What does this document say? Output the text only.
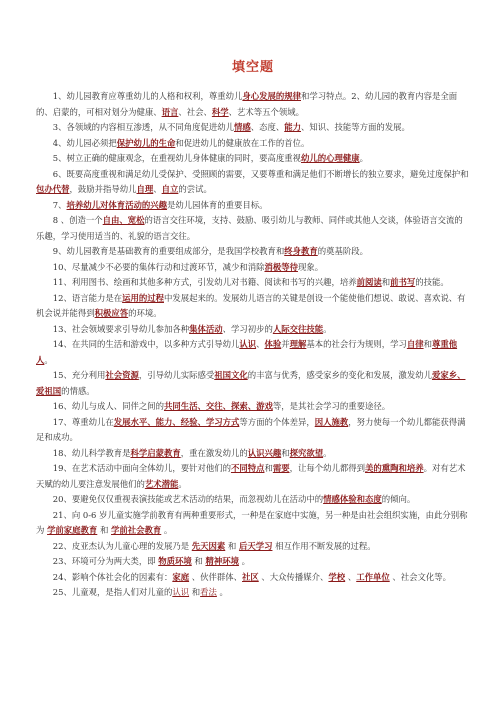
填空题

1、幼儿园教育应尊重幼儿的人格和权利，尊重幼儿身心发展的规律和学习特点。2、幼儿园的教育内容是全面的、启蒙的，可相对划分为健康、语言、社会、科学、艺术等五个领域。

3、各领域的内容相互渗透，从不同角度促进幼儿情感、态度、能力、知识、技能等方面的发展。

4、幼儿园必须把保护幼儿的生命和促进幼儿的健康放在工作的首位。

5、树立正确的健康观念，在重视幼儿身体健康的同时，要高度重视幼儿的心理健康。

6、既要高度重视和满足幼儿受保护、受照顾的需要，又要尊重和满足他们不断增长的独立要求，避免过度保护和包办代替，鼓励并指导幼儿自理、自立的尝试。

7、培养幼儿对体育活动的兴趣是幼儿园体育的重要目标。

8 、创造一个自由、宽松的语言交往环境，支持、鼓励、吸引幼儿与教师、同伴或其他人交谈，体验语言交流的乐趣，学习使用适当的、礼貌的语言交往。

9、幼儿园教育是基础教育的重要组成部分，是我国学校教育和终身教育的奠基阶段。

10、尽量减少不必要的集体行动和过渡环节，减少和消除消极等待现象。

11、利用图书、绘画和其他多种方式，引发幼儿对书籍、阅读和书写的兴趣，培养前阅读和前书写的技能。

12、语言能力是在运用的过程中发展起来的。发展幼儿语言的关键是创设一个能使他们想说、敢说、喜欢说、有机会说并能得到积极应答的环境。

13、社会领域要求引导幼儿参加各种集体活动、学习初步的人际交往技能。

14、在共同的生活和游戏中，以多种方式引导幼儿认识、体验并理解基本的社会行为规则，学习自律和尊重他人。

15、充分利用社会资源，引导幼儿实际感受祖国文化的丰富与优秀，感受家乡的变化和发展，激发幼儿爱家乡、爱祖国的情感。

16、幼儿与成人、同伴之间的共同生活、交往、探索、游戏等，是其社会学习的重要途径。

17、尊重幼儿在发展水平、能力、经验、学习方式等方面的个体差异，因人施教，努力使每一个幼儿都能获得满足和成功。

18、幼儿科学教育是科学启蒙教育，重在激发幼儿的认识兴趣和探究欲望。

19、在艺术活动中面向全体幼儿，要针对他们的不同特点和需要，让每个幼儿都得到美的熏陶和培养。对有艺术天赋的幼儿要注意发展他们的艺术潜能。

20、要避免仅仅重视表演技能或艺术活动的结果，而忽视幼儿在活动中的情感体验和态度的倾向。

21、向 0-6 岁儿童实施学前教育有两种重要形式，一种是在家庭中实施，另一种是由社会组织实施，由此分别称为 学前家庭教育 和 学前社会教育 。

22、皮亚杰认为儿童心理的发展乃是 先天因素 和 后天学习 相互作用不断发展的过程。

23、环境可分为两大类，即 物质环境 和 精神环境 。

24、影响个体社会化的因素有：家庭 、伙伴群体、社区 、大众传播媒介、学校 、工作单位 、社会文化等。

25、儿童观，是指人们对儿童的认识 和看法 。
